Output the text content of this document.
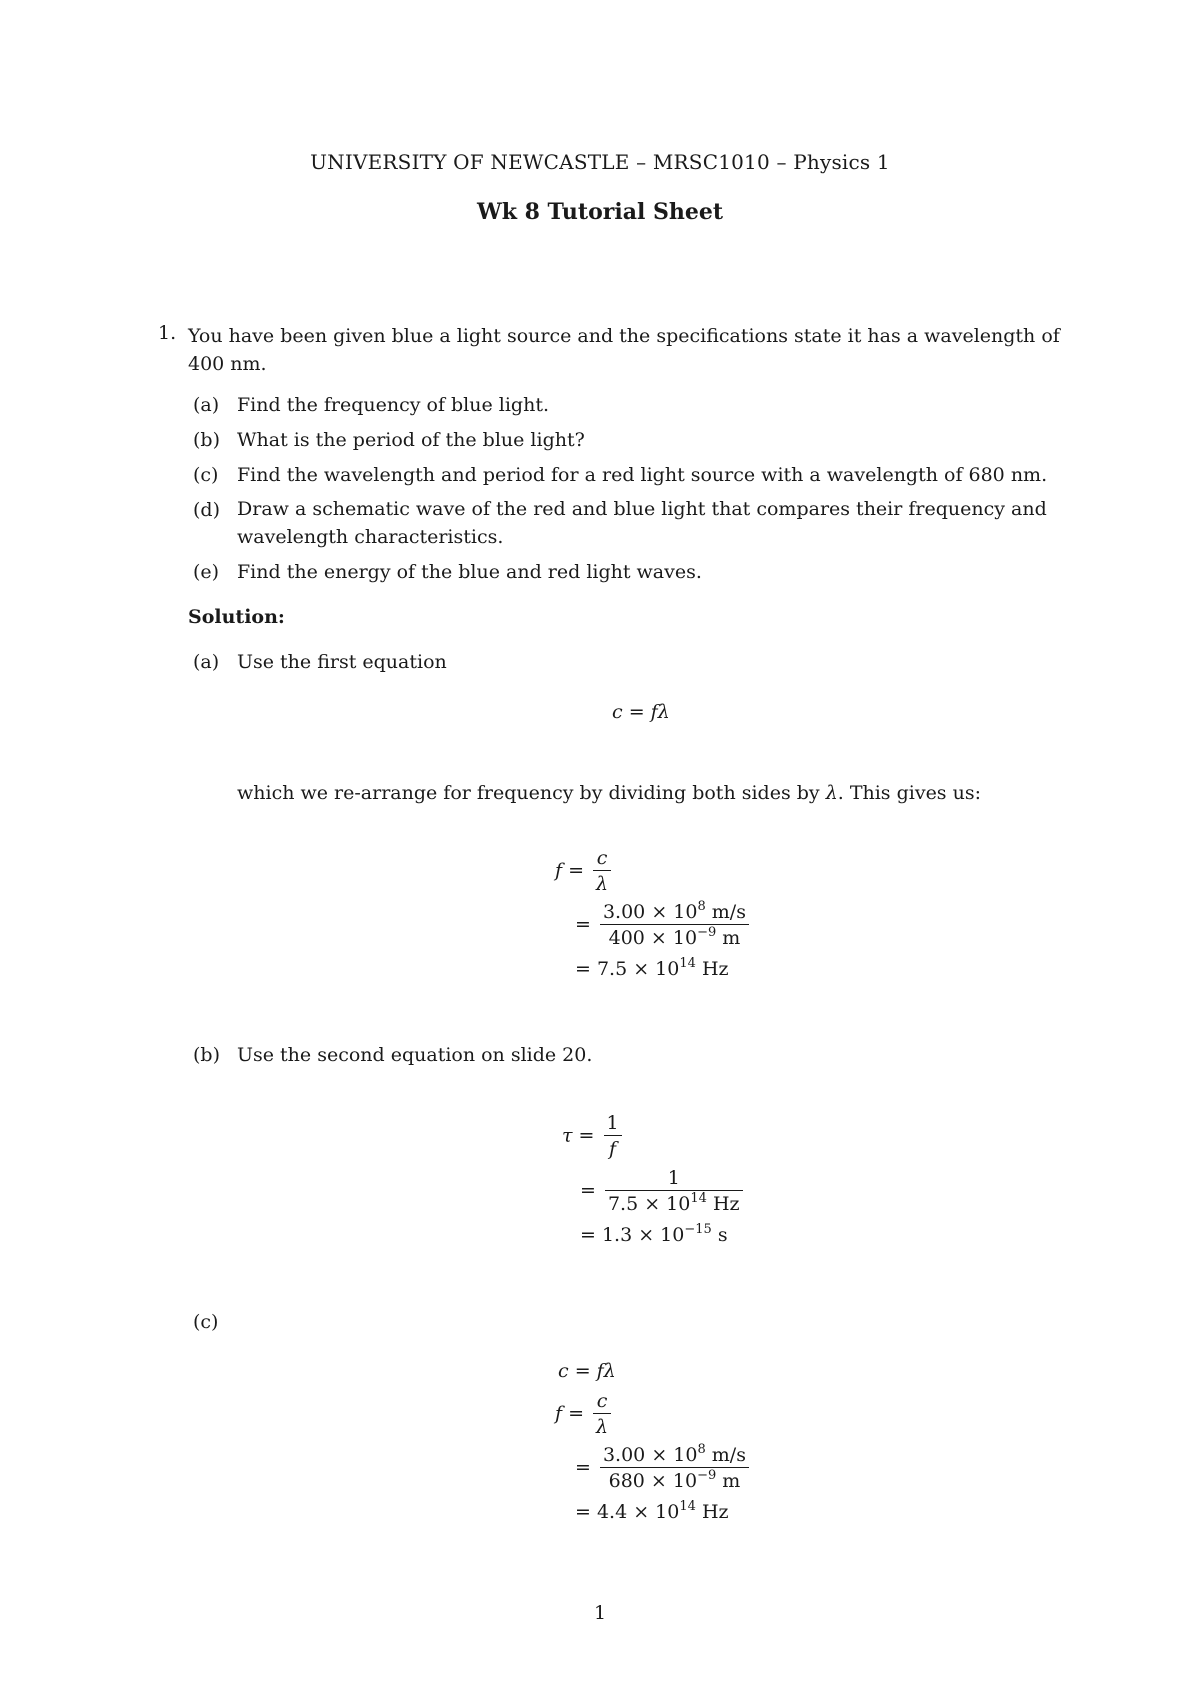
UNIVERSITY OF NEWCASTLE – MRSC1010 – Physics 1
Wk 8 Tutorial Sheet
1. You have been given blue a light source and the specifications state it has a wavelength of 400 nm.
(a) Find the frequency of blue light.
(b) What is the period of the blue light?
(c) Find the wavelength and period for a red light source with a wavelength of 680 nm.
(d) Draw a schematic wave of the red and blue light that compares their frequency and wavelength characteristics.
(e) Find the energy of the blue and red light waves.
Solution:
(a) Use the first equation
c = fλ
which we re-arrange for frequency by dividing both sides by λ. This gives us:
$f = \frac{c}{\lambda}$
= $\frac{3.00 \times 10^8 m/s}{400 \times 10^{-9} m}$
= $7.5 \times 10^{14}$ Hz
(b) Use the second equation on slide 20.
$\tau = \frac{1}{f}$
= $\frac{1}{7.5 \times 10^{14} Hz}$
= $1.3 \times 10^{-15}$ s
(c)
c = fλ
$f = \frac{c}{\lambda}$
= $\frac{3.00 \times 10^8 m/s}{680 \times 10^{-9} m}$
= $4.4 \times 10^{14}$ Hz
1
